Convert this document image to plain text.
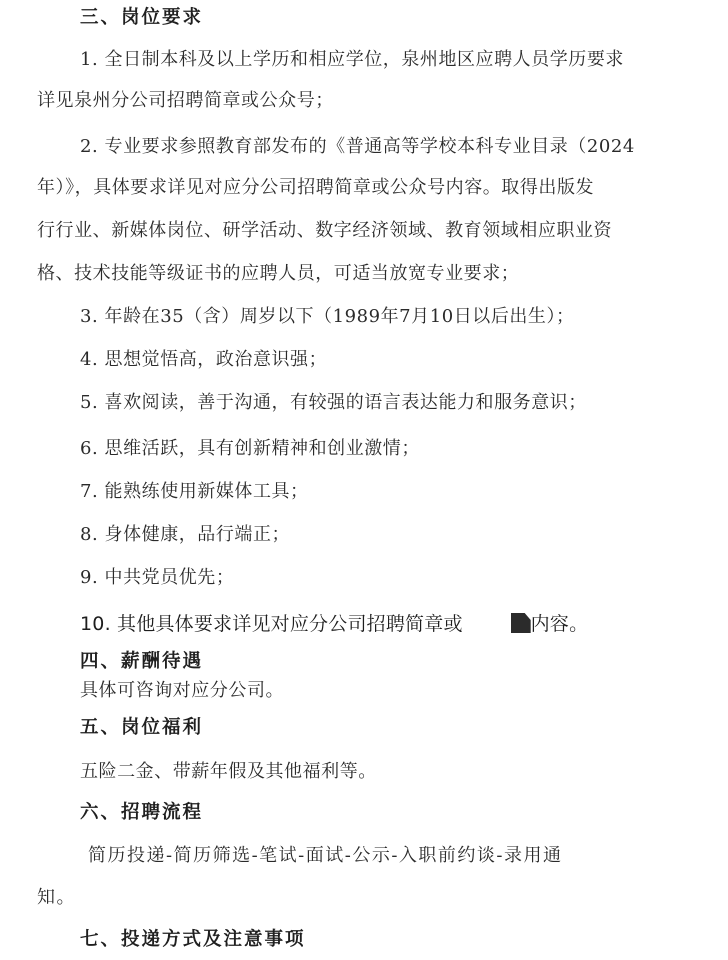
三、岗位要求
1. 全日制本科及以上学历和相应学位，泉州地区应聘人员学历要求
详见泉州分公司招聘简章或公众号；
2. 专业要求参照教育部发布的《普通高等学校本科专业目录（2024
年）》，具体要求详见对应分公司招聘简章或公众号内容。取得出版发
行行业、新媒体岗位、研学活动、数字经济领域、教育领域相应职业资
格、技术技能等级证书的应聘人员，可适当放宽专业要求；
3. 年龄在35（含）周岁以下（1989年7月10日以后出生）；
4. 思想觉悟高，政治意识强；
5. 喜欢阅读，善于沟通，有较强的语言表达能力和服务意识；
6. 思维活跃，具有创新精神和创业激情；
7. 能熟练使用新媒体工具；
8. 身体健康，品行端正；
9. 中共党员优先；
10. 其他具体要求详见对应分公司招聘简章或	内容。
四、薪酬待遇
具体可咨询对应分公司。
五、岗位福利
五险二金、带薪年假及其他福利等。
六、招聘流程
简历投递-简历筛选-笔试-面试-公示-入职前约谈-录用通
知。
七、投递方式及注意事项
